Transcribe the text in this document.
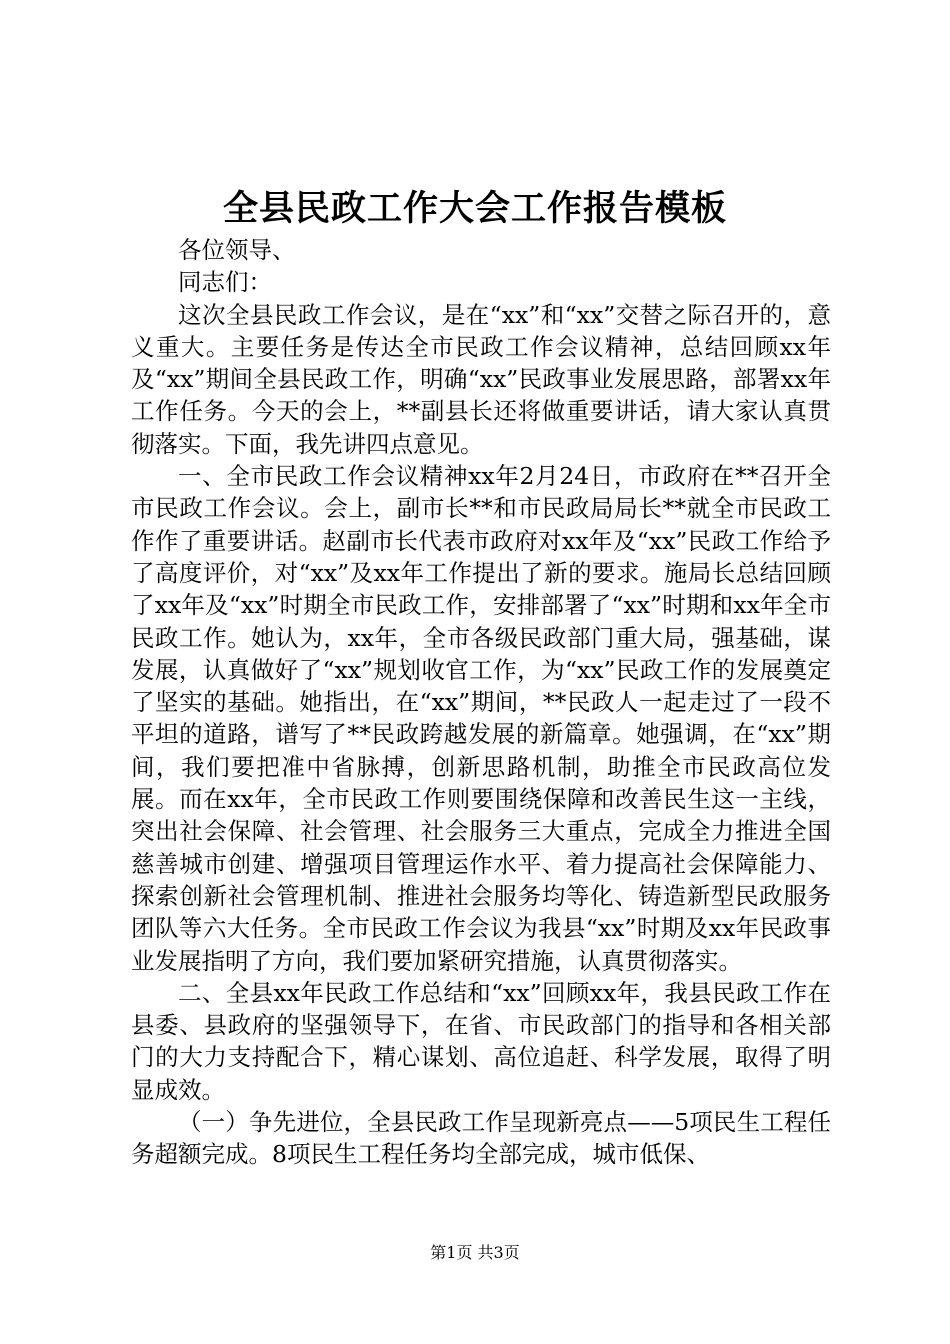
全县民政工作大会工作报告模板

各位领导、

同志们：

这次全县民政工作会议，是在“xx”和“xx”交替之际召开的，意义重大。主要任务是传达全市民政工作会议精神，总结回顾xx年及“xx”期间全县民政工作，明确“xx”民政事业发展思路，部署xx年工作任务。今天的会上，**副县长还将做重要讲话，请大家认真贯彻落实。下面，我先讲四点意见。

一、全市民政工作会议精神xx年2月24日，市政府在**召开全市民政工作会议。会上，副市长**和市民政局局长**就全市民政工作作了重要讲话。赵副市长代表市政府对xx年及“xx”民政工作给予了高度评价，对“xx”及xx年工作提出了新的要求。施局长总结回顾了xx年及“xx”时期全市民政工作，安排部署了“xx”时期和xx年全市民政工作。她认为，xx年，全市各级民政部门重大局，强基础，谋发展，认真做好了“xx”规划收官工作，为“xx”民政工作的发展奠定了坚实的基础。她指出，在“xx”期间，**民政人一起走过了一段不平坦的道路，谱写了**民政跨越发展的新篇章。她强调，在“xx”期间，我们要把准中省脉搏，创新思路机制，助推全市民政高位发展。而在xx年，全市民政工作则要围绕保障和改善民生这一主线，突出社会保障、社会管理、社会服务三大重点，完成全力推进全国慈善城市创建、增强项目管理运作水平、着力提高社会保障能力、探索创新社会管理机制、推进社会服务均等化、铸造新型民政服务团队等六大任务。全市民政工作会议为我县“xx”时期及xx年民政事业发展指明了方向，我们要加紧研究措施，认真贯彻落实。

二、全县xx年民政工作总结和“xx”回顾xx年，我县民政工作在县委、县政府的坚强领导下，在省、市民政部门的指导和各相关部门的大力支持配合下，精心谋划、高位追赶、科学发展，取得了明显成效。

（一）争先进位，全县民政工作呈现新亮点——5项民生工程任务超额完成。8项民生工程任务均全部完成，城市低保、

第1页 共3页
